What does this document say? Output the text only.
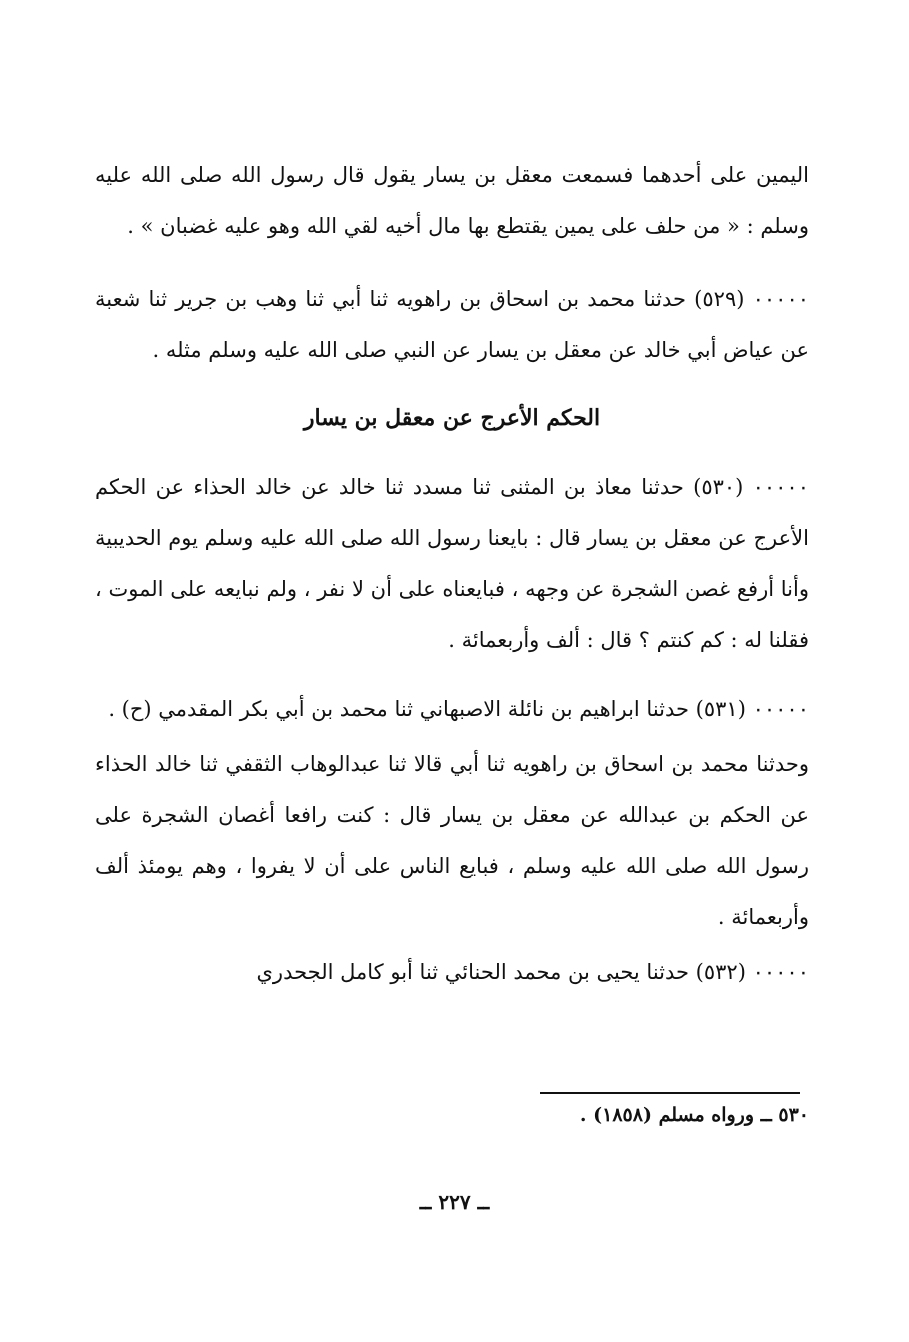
اليمين على أحدهما فسمعت معقل بن يسار يقول قال رسول الله صلى الله عليه وسلم : « من حلف على يمين يقتطع بها مال أخيه لقي الله وهو عليه غضبان » .

٠٠٠٠٠ (٥٢٩) حدثنا محمد بن اسحاق بن راهويه ثنا أبي ثنا وهب بن جرير ثنا شعبة عن عياض أبي خالد عن معقل بن يسار عن النبي صلى الله عليه وسلم مثله .

الحكم الأعرج عن معقل بن يسار

٠٠٠٠٠ (٥٣٠) حدثنا معاذ بن المثنى ثنا مسدد ثنا خالد عن خالد الحذاء عن الحكم الأعرج عن معقل بن يسار قال : بايعنا رسول الله صلى الله عليه وسلم يوم الحديبية وأنا أرفع غصن الشجرة عن وجهه ، فبايعناه على أن لا نفر ، ولم نبايعه على الموت ، فقلنا له : كم كنتم ؟ قال : ألف وأربعمائة .

٠٠٠٠٠ (٥٣١) حدثنا ابراهيم بن نائلة الاصبهاني ثنا محمد بن أبي بكر المقدمي (ح) .

وحدثنا محمد بن اسحاق بن راهويه ثنا أبي قالا ثنا عبدالوهاب الثقفي ثنا خالد الحذاء عن الحكم بن عبدالله عن معقل بن يسار قال : كنت رافعا أغصان الشجرة على رسول الله صلى الله عليه وسلم ، فبايع الناس على أن لا يفروا ، وهم يومئذ ألف وأربعمائة .

٠٠٠٠٠ (٥٣٢) حدثنا يحيى بن محمد الحنائي ثنا أبو كامل الجحدري

٥٣٠ ــ ورواه مسلم (١٨٥٨) .
ــ ٢٢٧ ــ
